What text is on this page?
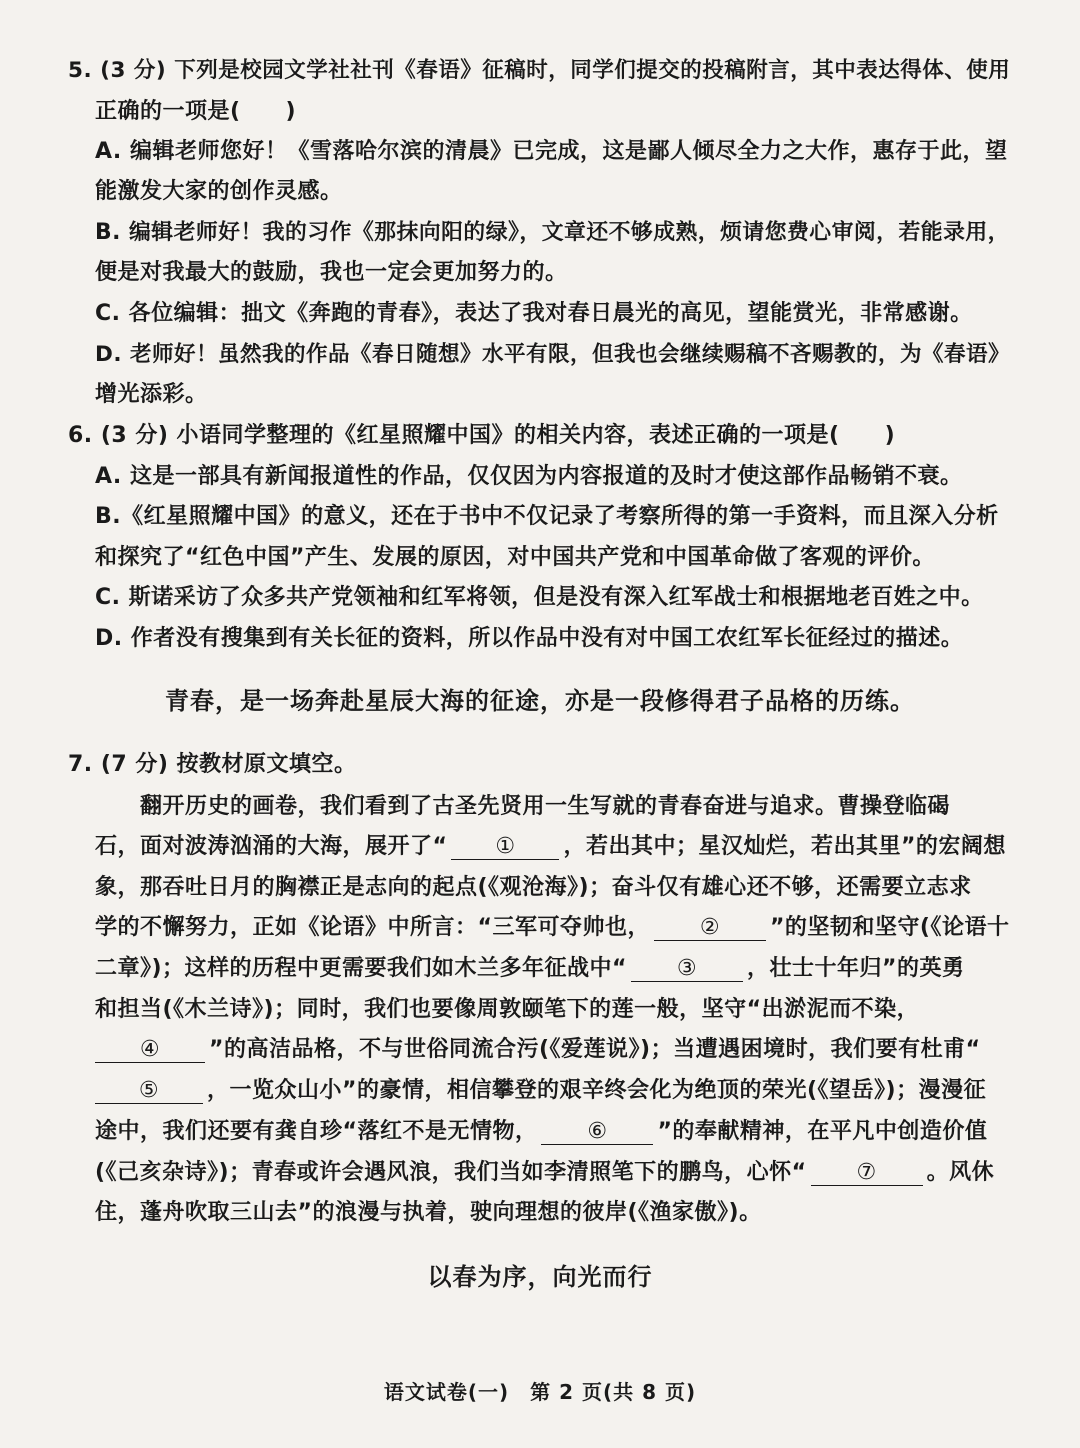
5. (3 分) 下列是校园文学社社刊《春语》征稿时，同学们提交的投稿附言，其中表达得体、使用
正确的一项是(　　)
A. 编辑老师您好！《雪落哈尔滨的清晨》已完成，这是鄙人倾尽全力之大作，惠存于此，望
能激发大家的创作灵感。
B. 编辑老师好！我的习作《那抹向阳的绿》，文章还不够成熟，烦请您费心审阅，若能录用，
便是对我最大的鼓励，我也一定会更加努力的。
C. 各位编辑：拙文《奔跑的青春》，表达了我对春日晨光的高见，望能赏光，非常感谢。
D. 老师好！虽然我的作品《春日随想》水平有限，但我也会继续赐稿不吝赐教的，为《春语》
增光添彩。
6. (3 分) 小语同学整理的《红星照耀中国》的相关内容，表述正确的一项是(　　)
A. 这是一部具有新闻报道性的作品，仅仅因为内容报道的及时才使这部作品畅销不衰。
B.《红星照耀中国》的意义，还在于书中不仅记录了考察所得的第一手资料，而且深入分析
和探究了“红色中国”产生、发展的原因，对中国共产党和中国革命做了客观的评价。
C. 斯诺采访了众多共产党领袖和红军将领，但是没有深入红军战士和根据地老百姓之中。
D. 作者没有搜集到有关长征的资料，所以作品中没有对中国工农红军长征经过的描述。
青春，是一场奔赴星辰大海的征途，亦是一段修得君子品格的历练。
7. (7 分) 按教材原文填空。
翻开历史的画卷，我们看到了古圣先贤用一生写就的青春奋进与追求。曹操登临碣
石，面对波涛汹涌的大海，展开了“ ① ，若出其中；星汉灿烂，若出其里”的宏阔想
象，那吞吐日月的胸襟正是志向的起点(《观沧海》)；奋斗仅有雄心还不够，还需要立志求
学的不懈努力，正如《论语》中所言：“三军可夺帅也， ② ”的坚韧和坚守(《论语十
二章》)；这样的历程中更需要我们如木兰多年征战中“ ③ ，壮士十年归”的英勇
和担当(《木兰诗》)；同时，我们也要像周敦颐笔下的莲一般，坚守“出淤泥而不染，
④ ”的高洁品格，不与世俗同流合污(《爱莲说》)；当遭遇困境时，我们要有杜甫“
⑤ ，一览众山小”的豪情，相信攀登的艰辛终会化为绝顶的荣光(《望岳》)；漫漫征
途中，我们还要有龚自珍“落红不是无情物， ⑥ ”的奉献精神，在平凡中创造价值
(《己亥杂诗》)；青春或许会遇风浪，我们当如李清照笔下的鹏鸟，心怀“ ⑦ 。风休
住，蓬舟吹取三山去”的浪漫与执着，驶向理想的彼岸(《渔家傲》)。
以春为序，向光而行
语文试卷(一)　第 2 页(共 8 页)
